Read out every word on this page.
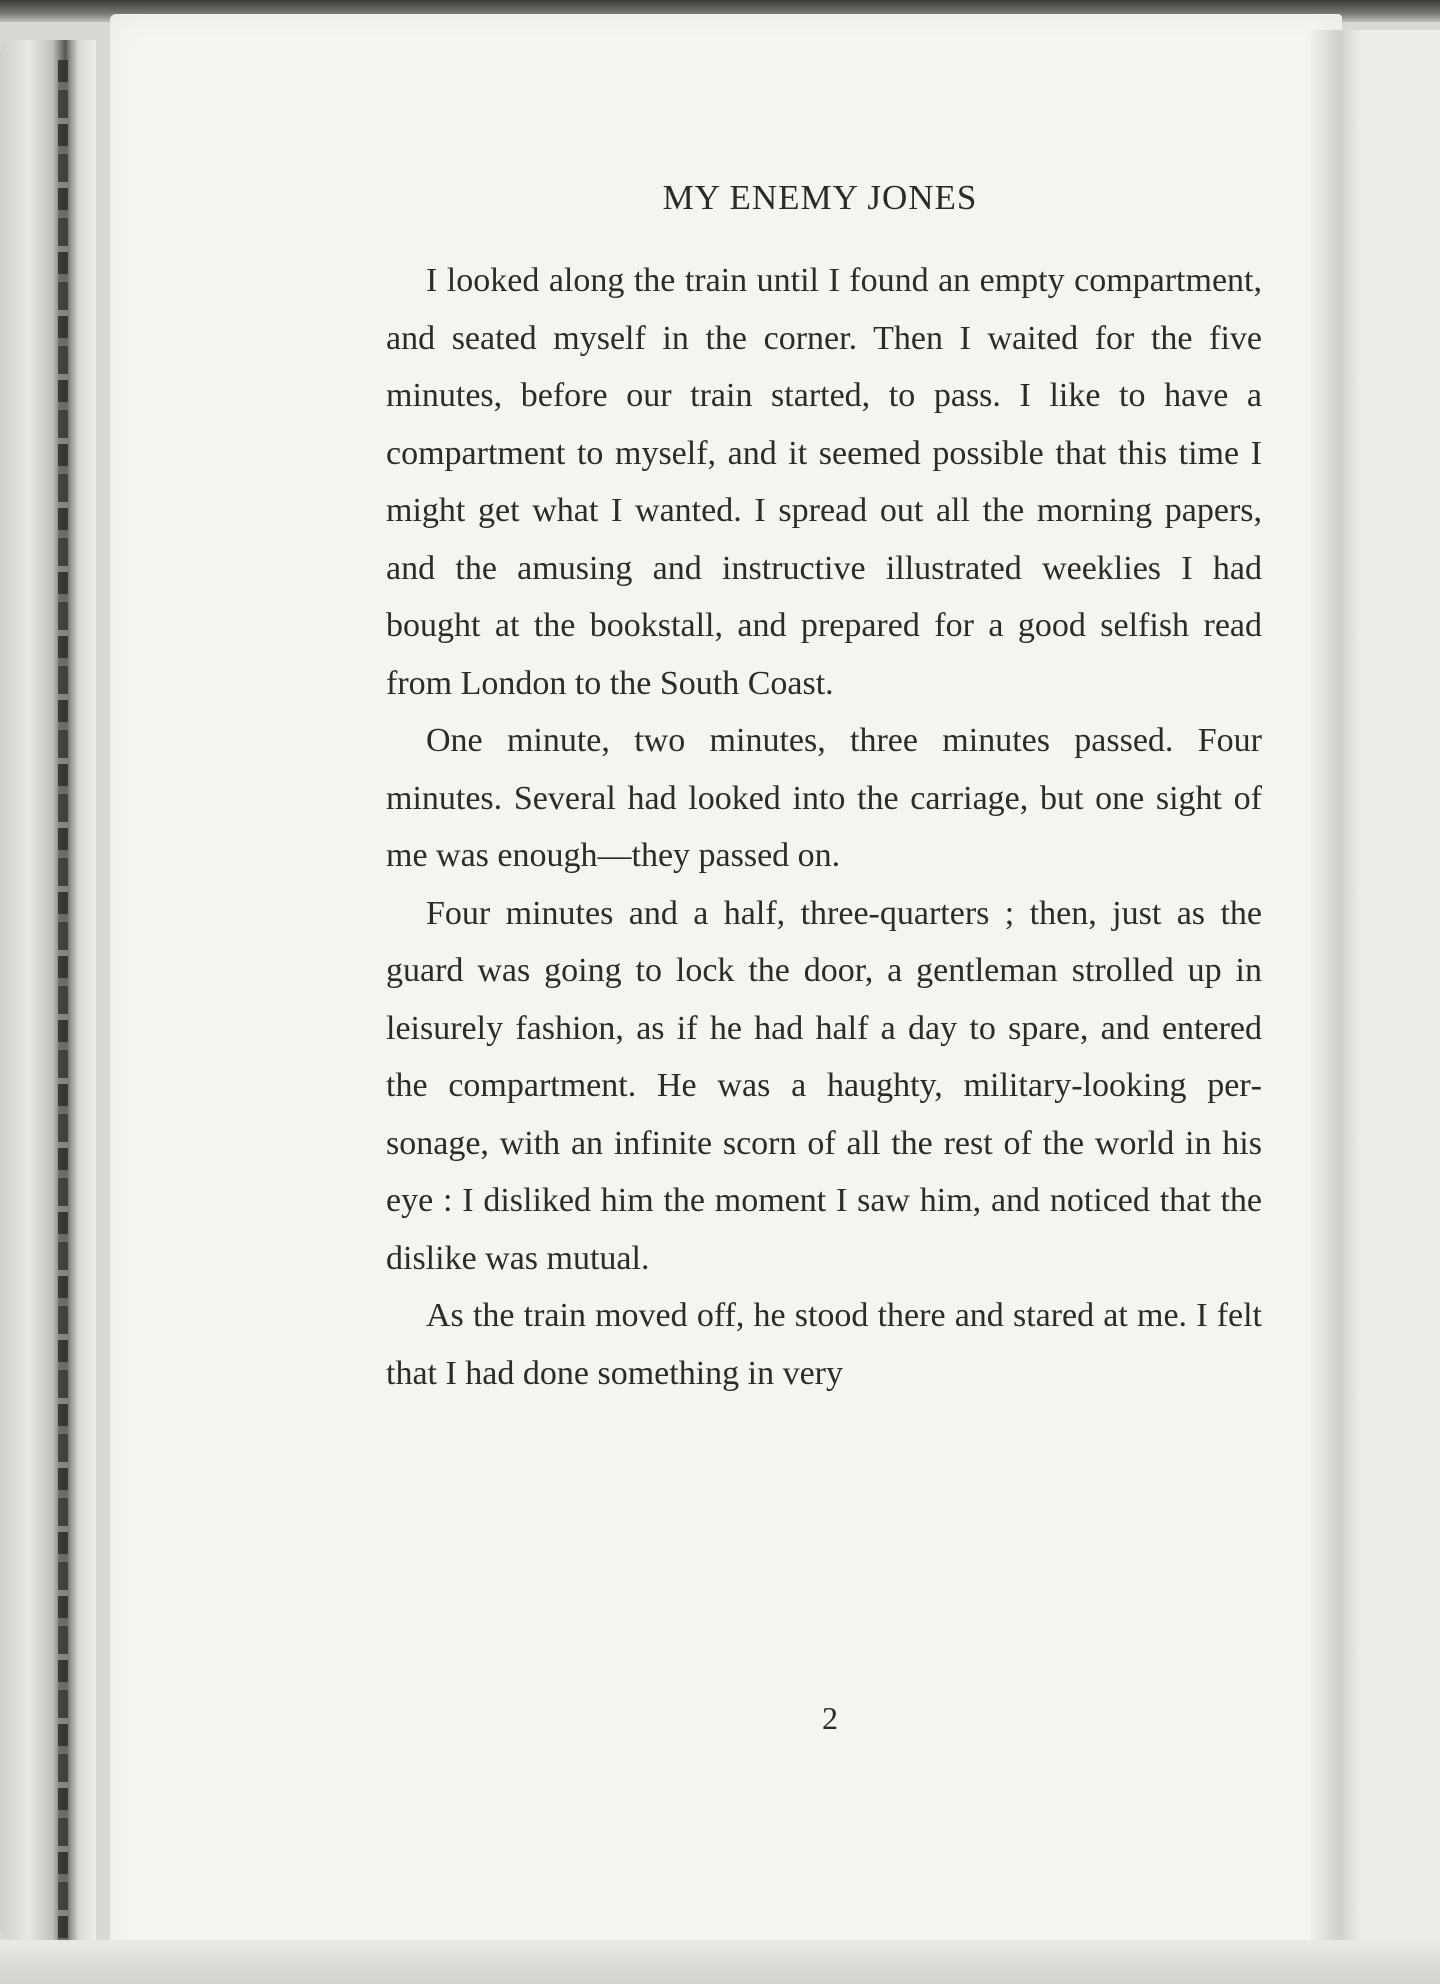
MY ENEMY JONES

I looked along the train until I found an empty compartment, and seated myself in the corner. Then I waited for the five minutes, before our train started, to pass. I like to have a compartment to myself, and it seemed possible that this time I might get what I wanted. I spread out all the morning papers, and the amusing and instructive illustrated weeklies I had bought at the bookstall, and prepared for a good selfish read from London to the South Coast.

One minute, two minutes, three minutes passed. Four minutes. Several had looked into the carriage, but one sight of me was enough—they passed on.

Four minutes and a half, three-quarters ; then, just as the guard was going to lock the door, a gentleman strolled up in leisurely fashion, as if he had half a day to spare, and entered the compartment. He was a haughty, military-looking personage, with an infinite scorn of all the rest of the world in his eye : I disliked him the moment I saw him, and noticed that the dislike was mutual.

As the train moved off, he stood there and stared at me. I felt that I had done something in very

2
